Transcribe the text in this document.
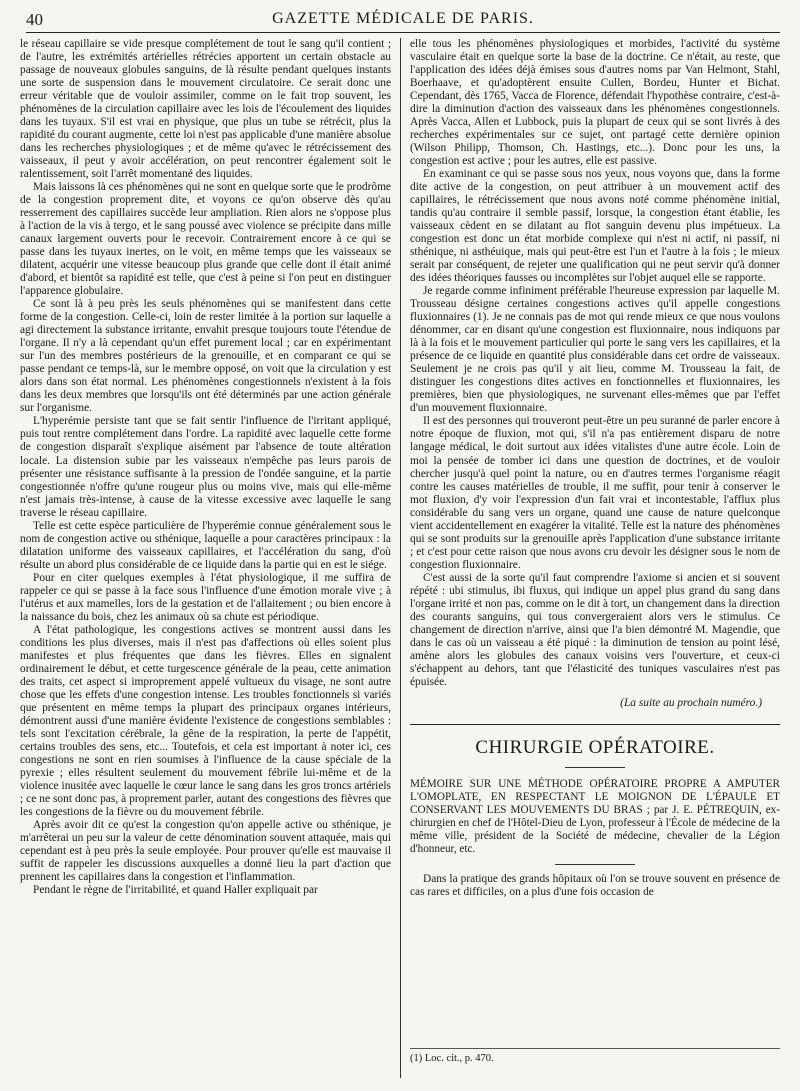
40	GAZETTE MÉDICALE DE PARIS.

le réseau capillaire se vide presque complétement de tout le sang qu'il contient ; de l'autre, les extrémités artérielles rétrécies apportent un certain obstacle au passage de nouveaux globules sanguins, de là résulte pendant quelques instants une sorte de suspension dans le mouvement circulatoire. Ce serait donc une erreur véritable que de vouloir assimiler, comme on le fait trop souvent, les phénomènes de la circulation capillaire avec les lois de l'écoulement des liquides dans les tuyaux. S'il est vrai en physique, que plus un tube se rétrécit, plus la rapidité du courant augmente, cette loi n'est pas applicable d'une manière absolue dans les recherches physiologiques ; et de même qu'avec le rétrécissement des vaisseaux, il peut y avoir accélération, on peut rencontrer également soit le ralentissement, soit l'arrêt momentané des liquides.

Mais laissons là ces phénomènes qui ne sont en quelque sorte que le prodrôme de la congestion proprement dite, et voyons ce qu'on observe dès qu'au resserrement des capillaires succède leur ampliation. Rien alors ne s'oppose plus à l'action de la vis à tergo, et le sang poussé avec violence se précipite dans mille canaux largement ouverts pour le recevoir. Contrairement encore à ce qui se passe dans les tuyaux inertes, on le voit, en même temps que les vaisseaux se dilatent, acquérir une vitesse beaucoup plus grande que celle dont il était animé d'abord, et bientôt sa rapidité est telle, que c'est à peine si l'on peut en distinguer l'apparence globulaire.

Ce sont là à peu près les seuls phénomènes qui se manifestent dans cette forme de la congestion. Celle-ci, loin de rester limitée à la portion sur laquelle a agi directement la substance irritante, envahit presque toujours toute l'étendue de l'organe. Il n'y a là cependant qu'un effet purement local ; car en expérimentant sur l'un des membres postérieurs de la grenouille, et en comparant ce qui se passe pendant ce temps-là, sur le membre opposé, on voit que la circulation y est alors dans son état normal. Les phénomènes congestionnels n'existent à la fois dans les deux membres que lorsqu'ils ont été déterminés par une action générale sur l'organisme.

L'hyperémie persiste tant que se fait sentir l'influence de l'irritant appliqué, puis tout rentre complétement dans l'ordre. La rapidité avec laquelle cette forme de congestion disparaît s'explique aisément par l'absence de toute altération locale. La distension subie par les vaisseaux n'empêche pas leurs parois de présenter une résistance suffisante à la pression de l'ondée sanguine, et la partie congestionnée n'offre qu'une rougeur plus ou moins vive, mais qui elle-même n'est jamais très-intense, à cause de la vitesse excessive avec laquelle le sang traverse le réseau capillaire.

Telle est cette espèce particulière de l'hyperémie connue généralement sous le nom de congestion active ou sthénique, laquelle a pour caractères principaux : la dilatation uniforme des vaisseaux capillaires, et l'accélération du sang, d'où résulte un abord plus considérable de ce liquide dans la partie qui en est le siége.

Pour en citer quelques exemples à l'état physiologique, il me suffira de rappeler ce qui se passe à la face sous l'influence d'une émotion morale vive ; à l'utérus et aux mamelles, lors de la gestation et de l'allaitement ; ou bien encore à la naissance du bois, chez les animaux où sa chute est périodique.

A l'état pathologique, les congestions actives se montrent aussi dans les conditions les plus diverses, mais il n'est pas d'affections où elles soient plus manifestes et plus fréquentes que dans les fièvres. Elles en signalent ordinairement le début, et cette turgescence générale de la peau, cette animation des traits, cet aspect si improprement appelé vultueux du visage, ne sont autre chose que les effets d'une congestion intense. Les troubles fonctionnels si variés que présentent en même temps la plupart des principaux organes intérieurs, démontrent aussi d'une manière évidente l'existence de congestions semblables : tels sont l'excitation cérébrale, la gêne de la respiration, la perte de l'appétit, certains troubles des sens, etc... Toutefois, et cela est important à noter ici, ces congestions ne sont en rien soumises à l'influence de la cause spéciale de la pyrexie ; elles résultent seulement du mouvement fébrile lui-même et de la violence inusitée avec laquelle le cœur lance le sang dans les gros troncs artériels ; ce ne sont donc pas, à proprement parler, autant des congestions des fièvres que les congestions de la fièvre ou du mouvement fébrile.

Après avoir dit ce qu'est la congestion qu'on appelle active ou sthénique, je m'arrêterai un peu sur la valeur de cette dénomination souvent attaquée, mais qui cependant est à peu près la seule employée. Pour prouver qu'elle est mauvaise il suffit de rappeler les discussions auxquelles a donné lieu la part d'action que prennent les capillaires dans la congestion et l'inflammation.

Pendant le règne de l'irritabilité, et quand Haller expliquait par

elle tous les phénomènes physiologiques et morbides, l'activité du système vasculaire était en quelque sorte la base de la doctrine. Ce n'était, au reste, que l'application des idées déjà émises sous d'autres noms par Van Helmont, Stahl, Boerhaave, et qu'adoptèrent ensuite Cullen, Bordeu, Hunter et Bichat. Cependant, dès 1765, Vacca de Florence, défendait l'hypothèse contraire, c'est-à-dire la diminution d'action des vaisseaux dans les phénomènes congestionnels. Après Vacca, Allen et Lubbock, puis la plupart de ceux qui se sont livrés à des recherches expérimentales sur ce sujet, ont partagé cette dernière opinion (Wilson Philipp, Thomson, Ch. Hastings, etc...). Donc pour les uns, la congestion est active ; pour les autres, elle est passive.

En examinant ce qui se passe sous nos yeux, nous voyons que, dans la forme dite active de la congestion, on peut attribuer à un mouvement actif des capillaires, le rétrécissement que nous avons noté comme phénomène initial, tandis qu'au contraire il semble passif, lorsque, la congestion étant établie, les vaisseaux cèdent en se dilatant au flot sanguin devenu plus impétueux. La congestion est donc un état morbide complexe qui n'est ni actif, ni passif, ni sthénique, ni asthéuique, mais qui peut-être est l'un et l'autre à la fois ; le mieux serait par conséquent, de rejeter une qualification qui ne peut servir qu'à donner des idées théoriques fausses ou incomplètes sur l'objet auquel elle se rapporte.

Je regarde comme infiniment préférable l'heureuse expression par laquelle M. Trousseau désigne certaines congestions actives qu'il appelle congestions fluxionnaires (1). Je ne connais pas de mot qui rende mieux ce que nous voulons dénommer, car en disant qu'une congestion est fluxionnaire, nous indiquons par là à la fois et le mouvement particulier qui porte le sang vers les capillaires, et la présence de ce liquide en quantité plus considérable dans cet ordre de vaisseaux. Seulement je ne crois pas qu'il y ait lieu, comme M. Trousseau la fait, de distinguer les congestions dites actives en fonctionnelles et fluxionnaires, les premières, bien que physiologiques, ne survenant elles-mêmes que par l'effet d'un mouvement fluxionnaire.

Il est des personnes qui trouveront peut-être un peu suranné de parler encore à notre époque de fluxion, mot qui, s'il n'a pas entièrement disparu de notre langage médical, le doit surtout aux idées vitalistes d'une autre école. Loin de moi la pensée de tomber ici dans une question de doctrines, et de vouloir chercher jusqu'à quel point la nature, ou en d'autres termes l'organisme réagit contre les causes matérielles de trouble, il me suffit, pour tenir à conserver le mot fluxion, d'y voir l'expression d'un fait vrai et incontestable, l'afflux plus considérable du sang vers un organe, quand une cause de nature quelconque vient accidentellement en exagérer la vitalité. Telle est la nature des phénomènes qui se sont produits sur la grenouille après l'application d'une substance irritante ; et c'est pour cette raison que nous avons cru devoir les désigner sous le nom de congestion fluxionnaire.

C'est aussi de la sorte qu'il faut comprendre l'axiome si ancien et si souvent répété : ubi stimulus, ibi fluxus, qui indique un appel plus grand du sang dans l'organe irrité et non pas, comme on le dit à tort, un changement dans la direction des courants sanguins, qui tous convergeraient alors vers le stimulus. Ce changement de direction n'arrive, ainsi que l'a bien démontré M. Magendie, que dans le cas où un vaisseau a été piqué : la diminution de tension au point lésé, amène alors les globules des canaux voisins vers l'ouverture, et ceux-ci s'échappent au dehors, tant que l'élasticité des tuniques vasculaires n'est pas épuisée.

(La suite au prochain numéro.)
CHIRURGIE OPÉRATOIRE.

MÉMOIRE SUR UNE MÉTHODE OPÉRATOIRE PROPRE A AMPUTER L'OMOPLATE, EN RESPECTANT LE MOIGNON DE L'ÉPAULE ET CONSERVANT LES MOUVEMENTS DU BRAS ; par J. E. PÉTREQUIN, ex-chirurgien en chef de l'Hôtel-Dieu de Lyon, professeur à l'École de médecine de la même ville, président de la Société de médecine, chevalier de la Légion d'honneur, etc.

Dans la pratique des grands hôpitaux où l'on se trouve souvent en présence de cas rares et difficiles, on a plus d'une fois occasion de

(1) Loc. cit., p. 470.
